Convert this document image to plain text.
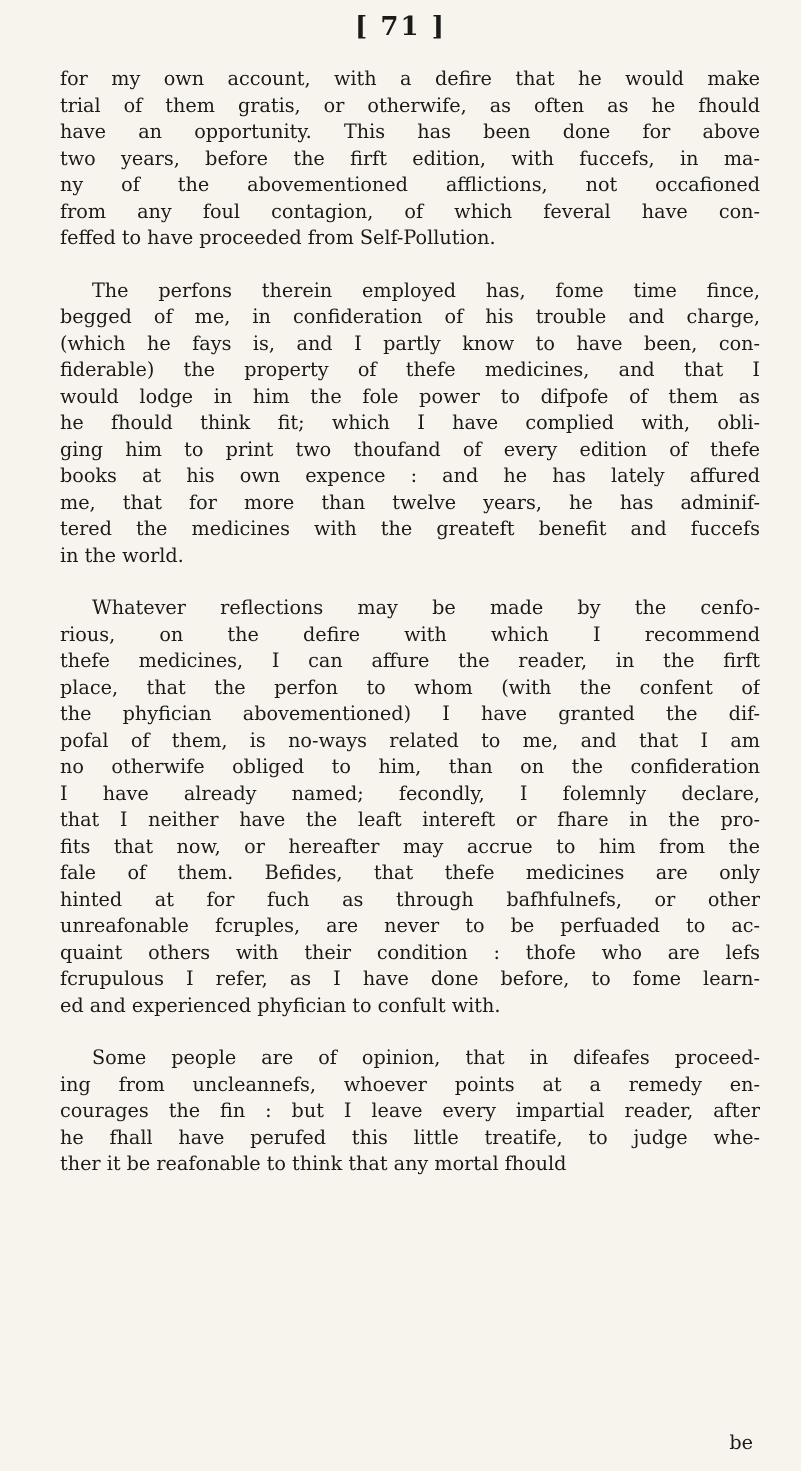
[ 71 ]
for my own account, with a defire that he would make
trial of them gratis, or otherwife, as often as he fhould
have an opportunity. This has been done for above
two years, before the firft edition, with fuccefs, in ma-
ny of the abovementioned afflictions, not occafioned
from any foul contagion, of which feveral have con-
feffed to have proceeded from Self-Pollution.
The perfons therein employed has, fome time fince,
begged of me, in confideration of his trouble and charge,
(which he fays is, and I partly know to have been, con-
fiderable) the property of thefe medicines, and that I
would lodge in him the fole power to difpofe of them as
he fhould think fit; which I have complied with, obli-
ging him to print two thoufand of every edition of thefe
books at his own expence : and he has lately affured
me, that for more than twelve years, he has adminif-
tered the medicines with the greateft benefit and fuccefs
in the world.
Whatever reflections may be made by the cenfo-
rious, on the defire with which I recommend
thefe medicines, I can affure the reader, in the firft
place, that the perfon to whom (with the confent of
the phyfician abovementioned) I have granted the dif-
pofal of them, is no-ways related to me, and that I am
no otherwife obliged to him, than on the confideration
I have already named; fecondly, I folemnly declare,
that I neither have the leaft intereft or fhare in the pro-
fits that now, or hereafter may accrue to him from the
fale of them. Befides, that thefe medicines are only
hinted at for fuch as through bafhfulnefs, or other
unreafonable fcruples, are never to be perfuaded to ac-
quaint others with their condition : thofe who are lefs
fcrupulous I refer, as I have done before, to fome learn-
ed and experienced phyfician to confult with.
Some people are of opinion, that in difeafes proceed-
ing from uncleannefs, whoever points at a remedy en-
courages the fin : but I leave every impartial reader, after
he fhall have perufed this little treatife, to judge whe-
ther it be reafonable to think that any mortal fhould
be
